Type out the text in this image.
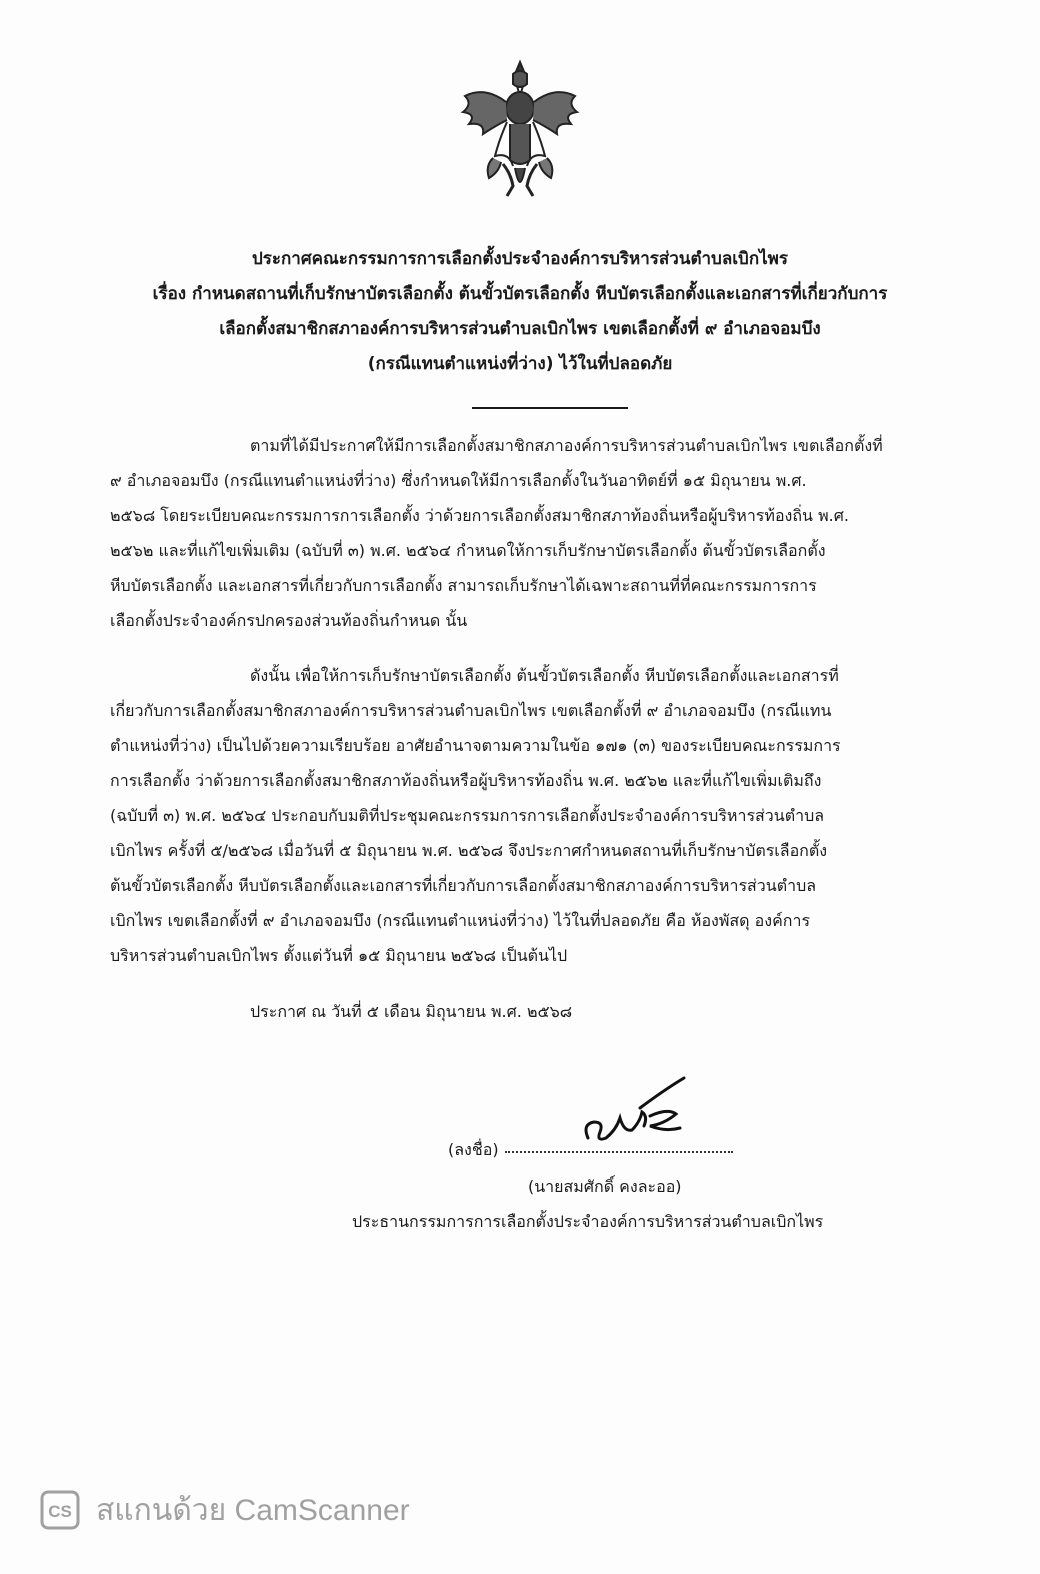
ประกาศคณะกรรมการการเลือกตั้งประจำองค์การบริหารส่วนตำบลเบิกไพร
เรื่อง กำหนดสถานที่เก็บรักษาบัตรเลือกตั้ง ต้นขั้วบัตรเลือกตั้ง หีบบัตรเลือกตั้งและเอกสารที่เกี่ยวกับการ
เลือกตั้งสมาชิกสภาองค์การบริหารส่วนตำบลเบิกไพร เขตเลือกตั้งที่ ๙ อำเภอจอมบึง
(กรณีแทนตำแหน่งที่ว่าง) ไว้ในที่ปลอดภัย
ตามที่ได้มีประกาศให้มีการเลือกตั้งสมาชิกสภาองค์การบริหารส่วนตำบลเบิกไพร เขตเลือกตั้งที่
๙ อำเภอจอมบึง (กรณีแทนตำแหน่งที่ว่าง) ซึ่งกำหนดให้มีการเลือกตั้งในวันอาทิตย์ที่ ๑๕ มิถุนายน พ.ศ.
๒๕๖๘ โดยระเบียบคณะกรรมการการเลือกตั้ง ว่าด้วยการเลือกตั้งสมาชิกสภาท้องถิ่นหรือผู้บริหารท้องถิ่น พ.ศ.
๒๕๖๒ และที่แก้ไขเพิ่มเติม (ฉบับที่ ๓) พ.ศ. ๒๕๖๔ กำหนดให้การเก็บรักษาบัตรเลือกตั้ง ต้นขั้วบัตรเลือกตั้ง
หีบบัตรเลือกตั้ง และเอกสารที่เกี่ยวกับการเลือกตั้ง สามารถเก็บรักษาได้เฉพาะสถานที่ที่คณะกรรมการการ
เลือกตั้งประจำองค์กรปกครองส่วนท้องถิ่นกำหนด นั้น
ดังนั้น เพื่อให้การเก็บรักษาบัตรเลือกตั้ง ต้นขั้วบัตรเลือกตั้ง หีบบัตรเลือกตั้งและเอกสารที่
เกี่ยวกับการเลือกตั้งสมาชิกสภาองค์การบริหารส่วนตำบลเบิกไพร เขตเลือกตั้งที่ ๙ อำเภอจอมบึง (กรณีแทน
ตำแหน่งที่ว่าง) เป็นไปด้วยความเรียบร้อย อาศัยอำนาจตามความในข้อ ๑๗๑ (๓) ของระเบียบคณะกรรมการ
การเลือกตั้ง ว่าด้วยการเลือกตั้งสมาชิกสภาท้องถิ่นหรือผู้บริหารท้องถิ่น พ.ศ. ๒๕๖๒ และที่แก้ไขเพิ่มเติมถึง
(ฉบับที่ ๓) พ.ศ. ๒๕๖๔ ประกอบกับมติที่ประชุมคณะกรรมการการเลือกตั้งประจำองค์การบริหารส่วนตำบล
เบิกไพร ครั้งที่ ๕/๒๕๖๘ เมื่อวันที่ ๕ มิถุนายน พ.ศ. ๒๕๖๘ จึงประกาศกำหนดสถานที่เก็บรักษาบัตรเลือกตั้ง
ต้นขั้วบัตรเลือกตั้ง หีบบัตรเลือกตั้งและเอกสารที่เกี่ยวกับการเลือกตั้งสมาชิกสภาองค์การบริหารส่วนตำบล
เบิกไพร เขตเลือกตั้งที่ ๙ อำเภอจอมบึง (กรณีแทนตำแหน่งที่ว่าง) ไว้ในที่ปลอดภัย คือ ห้องพัสดุ องค์การ
บริหารส่วนตำบลเบิกไพร ตั้งแต่วันที่ ๑๕ มิถุนายน ๒๕๖๘ เป็นต้นไป
ประกาศ ณ วันที่ ๕ เดือน มิถุนายน พ.ศ. ๒๕๖๘
(ลงชื่อ)
(นายสมศักดิ์ คงละออ)
ประธานกรรมการการเลือกตั้งประจำองค์การบริหารส่วนตำบลเบิกไพร
CS สแกนด้วย CamScanner
